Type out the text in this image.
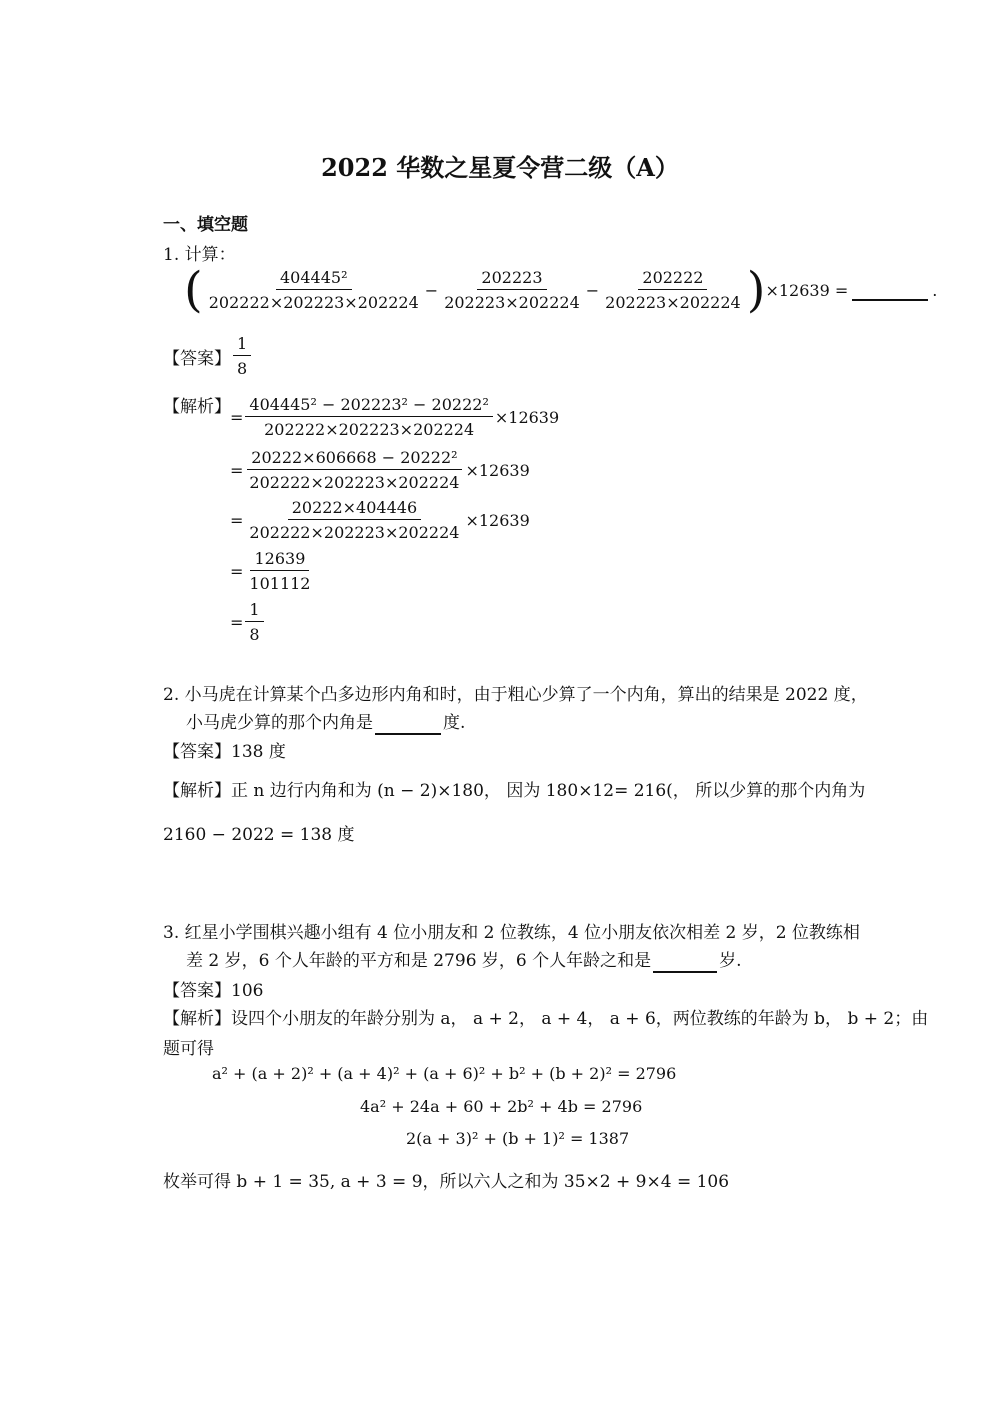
2022 华数之星夏令营二级（A）
一、填空题
1. 计算：
( $\frac{\text{404445²}}{202222\times 202223\times 202224} - \frac{202223}{202223\times 202224} - \frac{202222}{202223\times 202224}$ ) ×12639 =
	.
【答案】 $\frac{1}{8}$
【解析】 = $\frac{\text{404445² − 202223² − 20222²}}{202222\times 202223\times 202224} \times 12639$
= $\frac{\text{20222×606668 − 20222²}}{202222\times 202223\times 202224} \times 12639$
= $\frac{20222\times 404446}{202222\times 202223\times 202224} \times 12639$
= $\frac{12639}{101112}$
= $\frac{1}{8}$
2. 小马虎在计算某个凸多边形内角和时，由于粗心少算了一个内角，算出的结果是 2022 度，
小马虎少算的那个内角是	度.
【答案】138 度
【解析】正 n 边行内角和为 (n − 2)×180， 因为 180×12= 216(， 所以少算的那个内角为
2160 − 2022 = 138 度
3. 红星小学围棋兴趣小组有 4 位小朋友和 2 位教练，4 位小朋友依次相差 2 岁，2 位教练相
差 2 岁，6 个人年龄的平方和是 2796 岁，6 个人年龄之和是	岁.
【答案】106
【解析】设四个小朋友的年龄分别为 a， a + 2， a + 4， a + 6，两位教练的年龄为 b， b + 2；由
题可得
a² + (a + 2)² + (a + 4)² + (a + 6)² + b² + (b + 2)² = 2796
4a² + 24a + 60 + 2b² + 4b = 2796
2(a + 3)² + (b + 1)² = 1387
枚举可得 b + 1 = 35, a + 3 = 9，所以六人之和为 35×2 + 9×4 = 106
